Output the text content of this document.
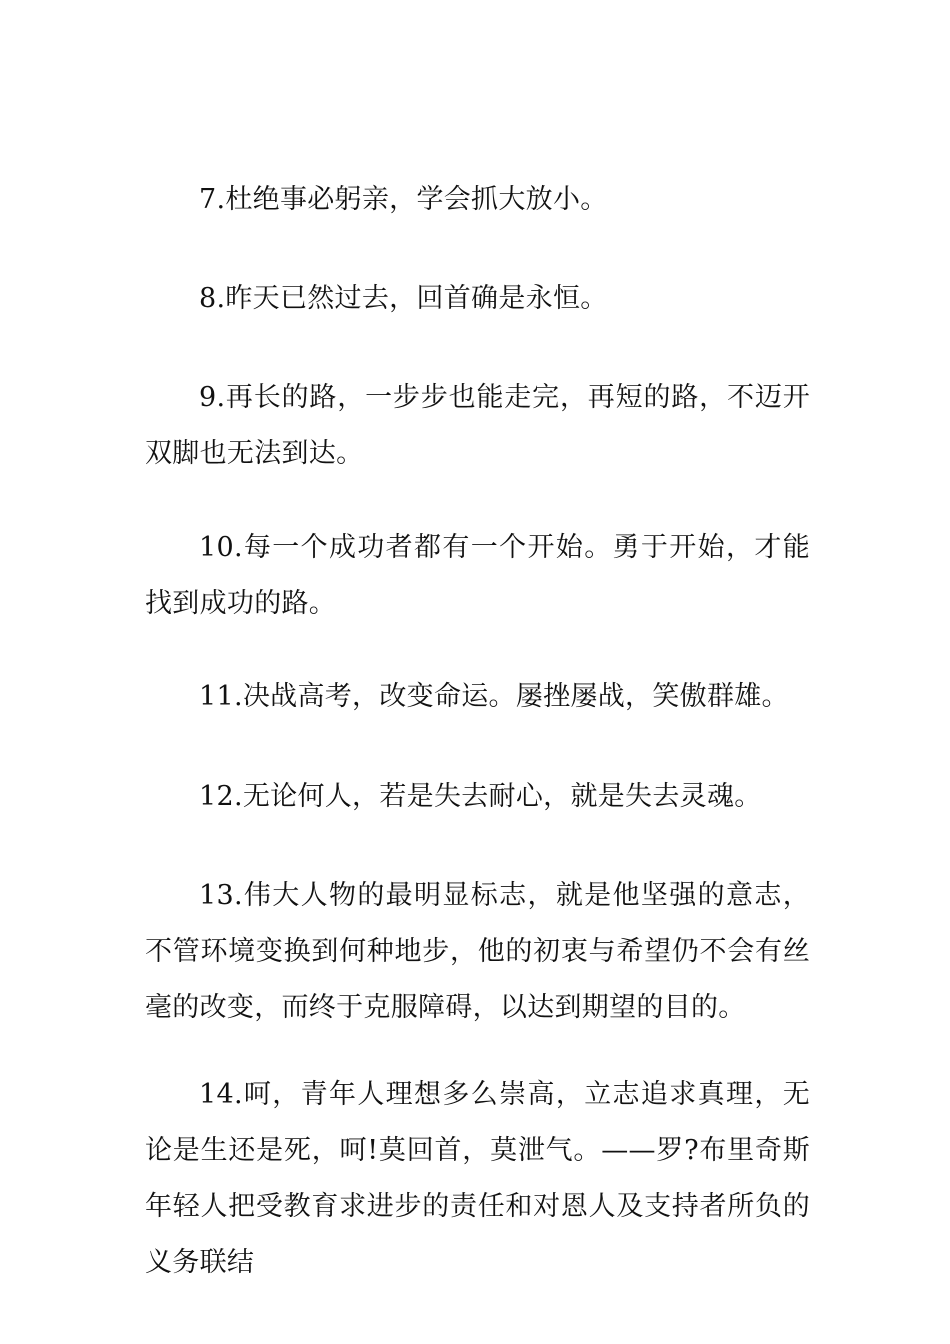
7.杜绝事必躬亲，学会抓大放小。

8.昨天已然过去，回首确是永恒。

9.再长的路，一步步也能走完，再短的路，不迈开双脚也无法到达。

10.每一个成功者都有一个开始。勇于开始，才能找到成功的路。

11.决战高考，改变命运。屡挫屡战，笑傲群雄。

12.无论何人，若是失去耐心，就是失去灵魂。

13.伟大人物的最明显标志，就是他坚强的意志，不管环境变换到何种地步，他的初衷与希望仍不会有丝毫的改变，而终于克服障碍，以达到期望的目的。

14.呵，青年人理想多么崇高，立志追求真理，无论是生还是死，呵!莫回首，莫泄气。——罗?布里奇斯年轻人把受教育求进步的责任和对恩人及支持者所负的义务联结
